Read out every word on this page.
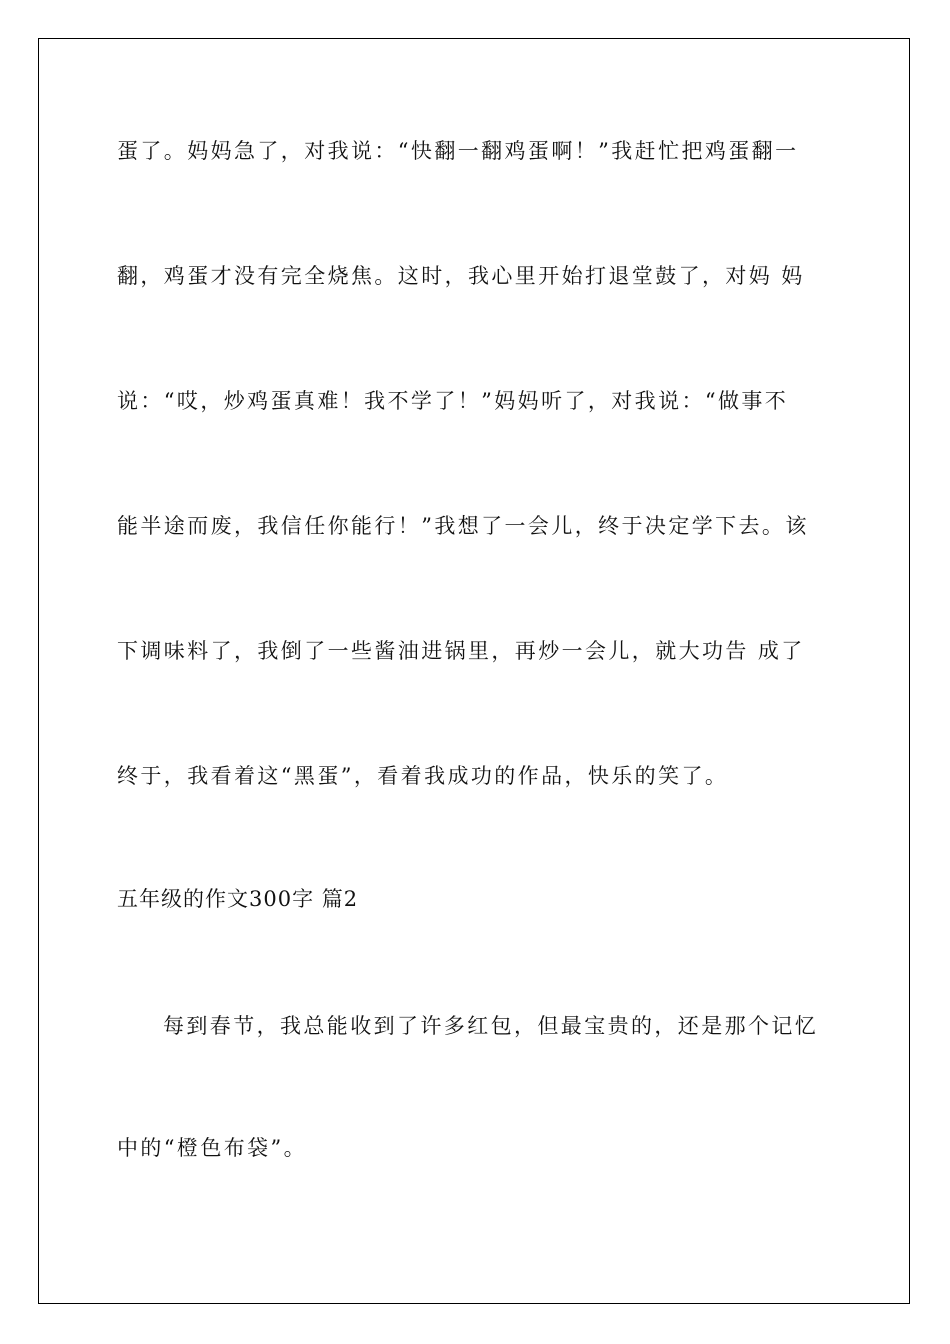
蛋了。妈妈急了，对我说：“快翻一翻鸡蛋啊！”我赶忙把鸡蛋翻一
翻，鸡蛋才没有完全烧焦。这时，我心里开始打退堂鼓了，对妈 妈
说：“哎，炒鸡蛋真难！我不学了！”妈妈听了，对我说：“做事不
能半途而废，我信任你能行！”我想了一会儿，终于决定学下去。该
下调味料了，我倒了一些酱油进锅里，再炒一会儿，就大功告 成了
终于，我看着这“黑蛋”，看着我成功的作品，快乐的笑了。
五年级的作文300字 篇2
每到春节，我总能收到了许多红包，但最宝贵的，还是那个记忆
中的“橙色布袋”。
